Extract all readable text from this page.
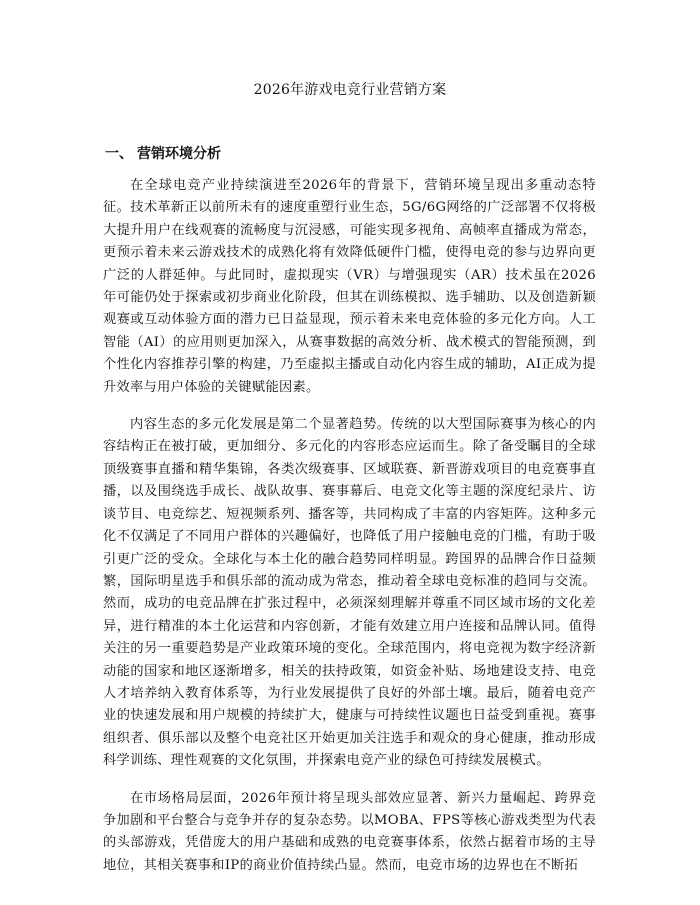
2026年游戏电竞行业营销方案
一、 营销环境分析

在全球电竞产业持续演进至2026年的背景下，营销环境呈现出多重动态特征。技术革新正以前所未有的速度重塑行业生态，5G/6G网络的广泛部署不仅将极大提升用户在线观赛的流畅度与沉浸感，可能实现多视角、高帧率直播成为常态，更预示着未来云游戏技术的成熟化将有效降低硬件门槛，使得电竞的参与边界向更广泛的人群延伸。与此同时，虚拟现实（VR）与增强现实（AR）技术虽在2026年可能仍处于探索或初步商业化阶段，但其在训练模拟、选手辅助、以及创造新颖观赛或互动体验方面的潜力已日益显现，预示着未来电竞体验的多元化方向。人工智能（AI）的应用则更加深入，从赛事数据的高效分析、战术模式的智能预测，到个性化内容推荐引擎的构建，乃至虚拟主播或自动化内容生成的辅助，AI正成为提升效率与用户体验的关键赋能因素。

内容生态的多元化发展是第二个显著趋势。传统的以大型国际赛事为核心的内容结构正在被打破，更加细分、多元化的内容形态应运而生。除了备受瞩目的全球顶级赛事直播和精华集锦，各类次级赛事、区域联赛、新晋游戏项目的电竞赛事直播，以及围绕选手成长、战队故事、赛事幕后、电竞文化等主题的深度纪录片、访谈节目、电竞综艺、短视频系列、播客等，共同构成了丰富的内容矩阵。这种多元化不仅满足了不同用户群体的兴趣偏好，也降低了用户接触电竞的门槛，有助于吸引更广泛的受众。全球化与本土化的融合趋势同样明显。跨国界的品牌合作日益频繁，国际明星选手和俱乐部的流动成为常态，推动着全球电竞标准的趋同与交流。然而，成功的电竞品牌在扩张过程中，必须深刻理解并尊重不同区域市场的文化差异，进行精准的本土化运营和内容创新，才能有效建立用户连接和品牌认同。值得关注的另一重要趋势是产业政策环境的变化。全球范围内，将电竞视为数字经济新动能的国家和地区逐渐增多，相关的扶持政策，如资金补贴、场地建设支持、电竞人才培养纳入教育体系等，为行业发展提供了良好的外部土壤。最后，随着电竞产业的快速发展和用户规模的持续扩大，健康与可持续性议题也日益受到重视。赛事组织者、俱乐部以及整个电竞社区开始更加关注选手和观众的身心健康，推动形成科学训练、理性观赛的文化氛围，并探索电竞产业的绿色可持续发展模式。

在市场格局层面，2026年预计将呈现头部效应显著、新兴力量崛起、跨界竞争加剧和平台整合与竞争并存的复杂态势。以MOBA、FPS等核心游戏类型为代表的头部游戏，凭借庞大的用户基础和成熟的电竞赛事体系，依然占据着市场的主导地位，其相关赛事和IP的商业价值持续凸显。然而，电竞市场的边界也在不断拓
